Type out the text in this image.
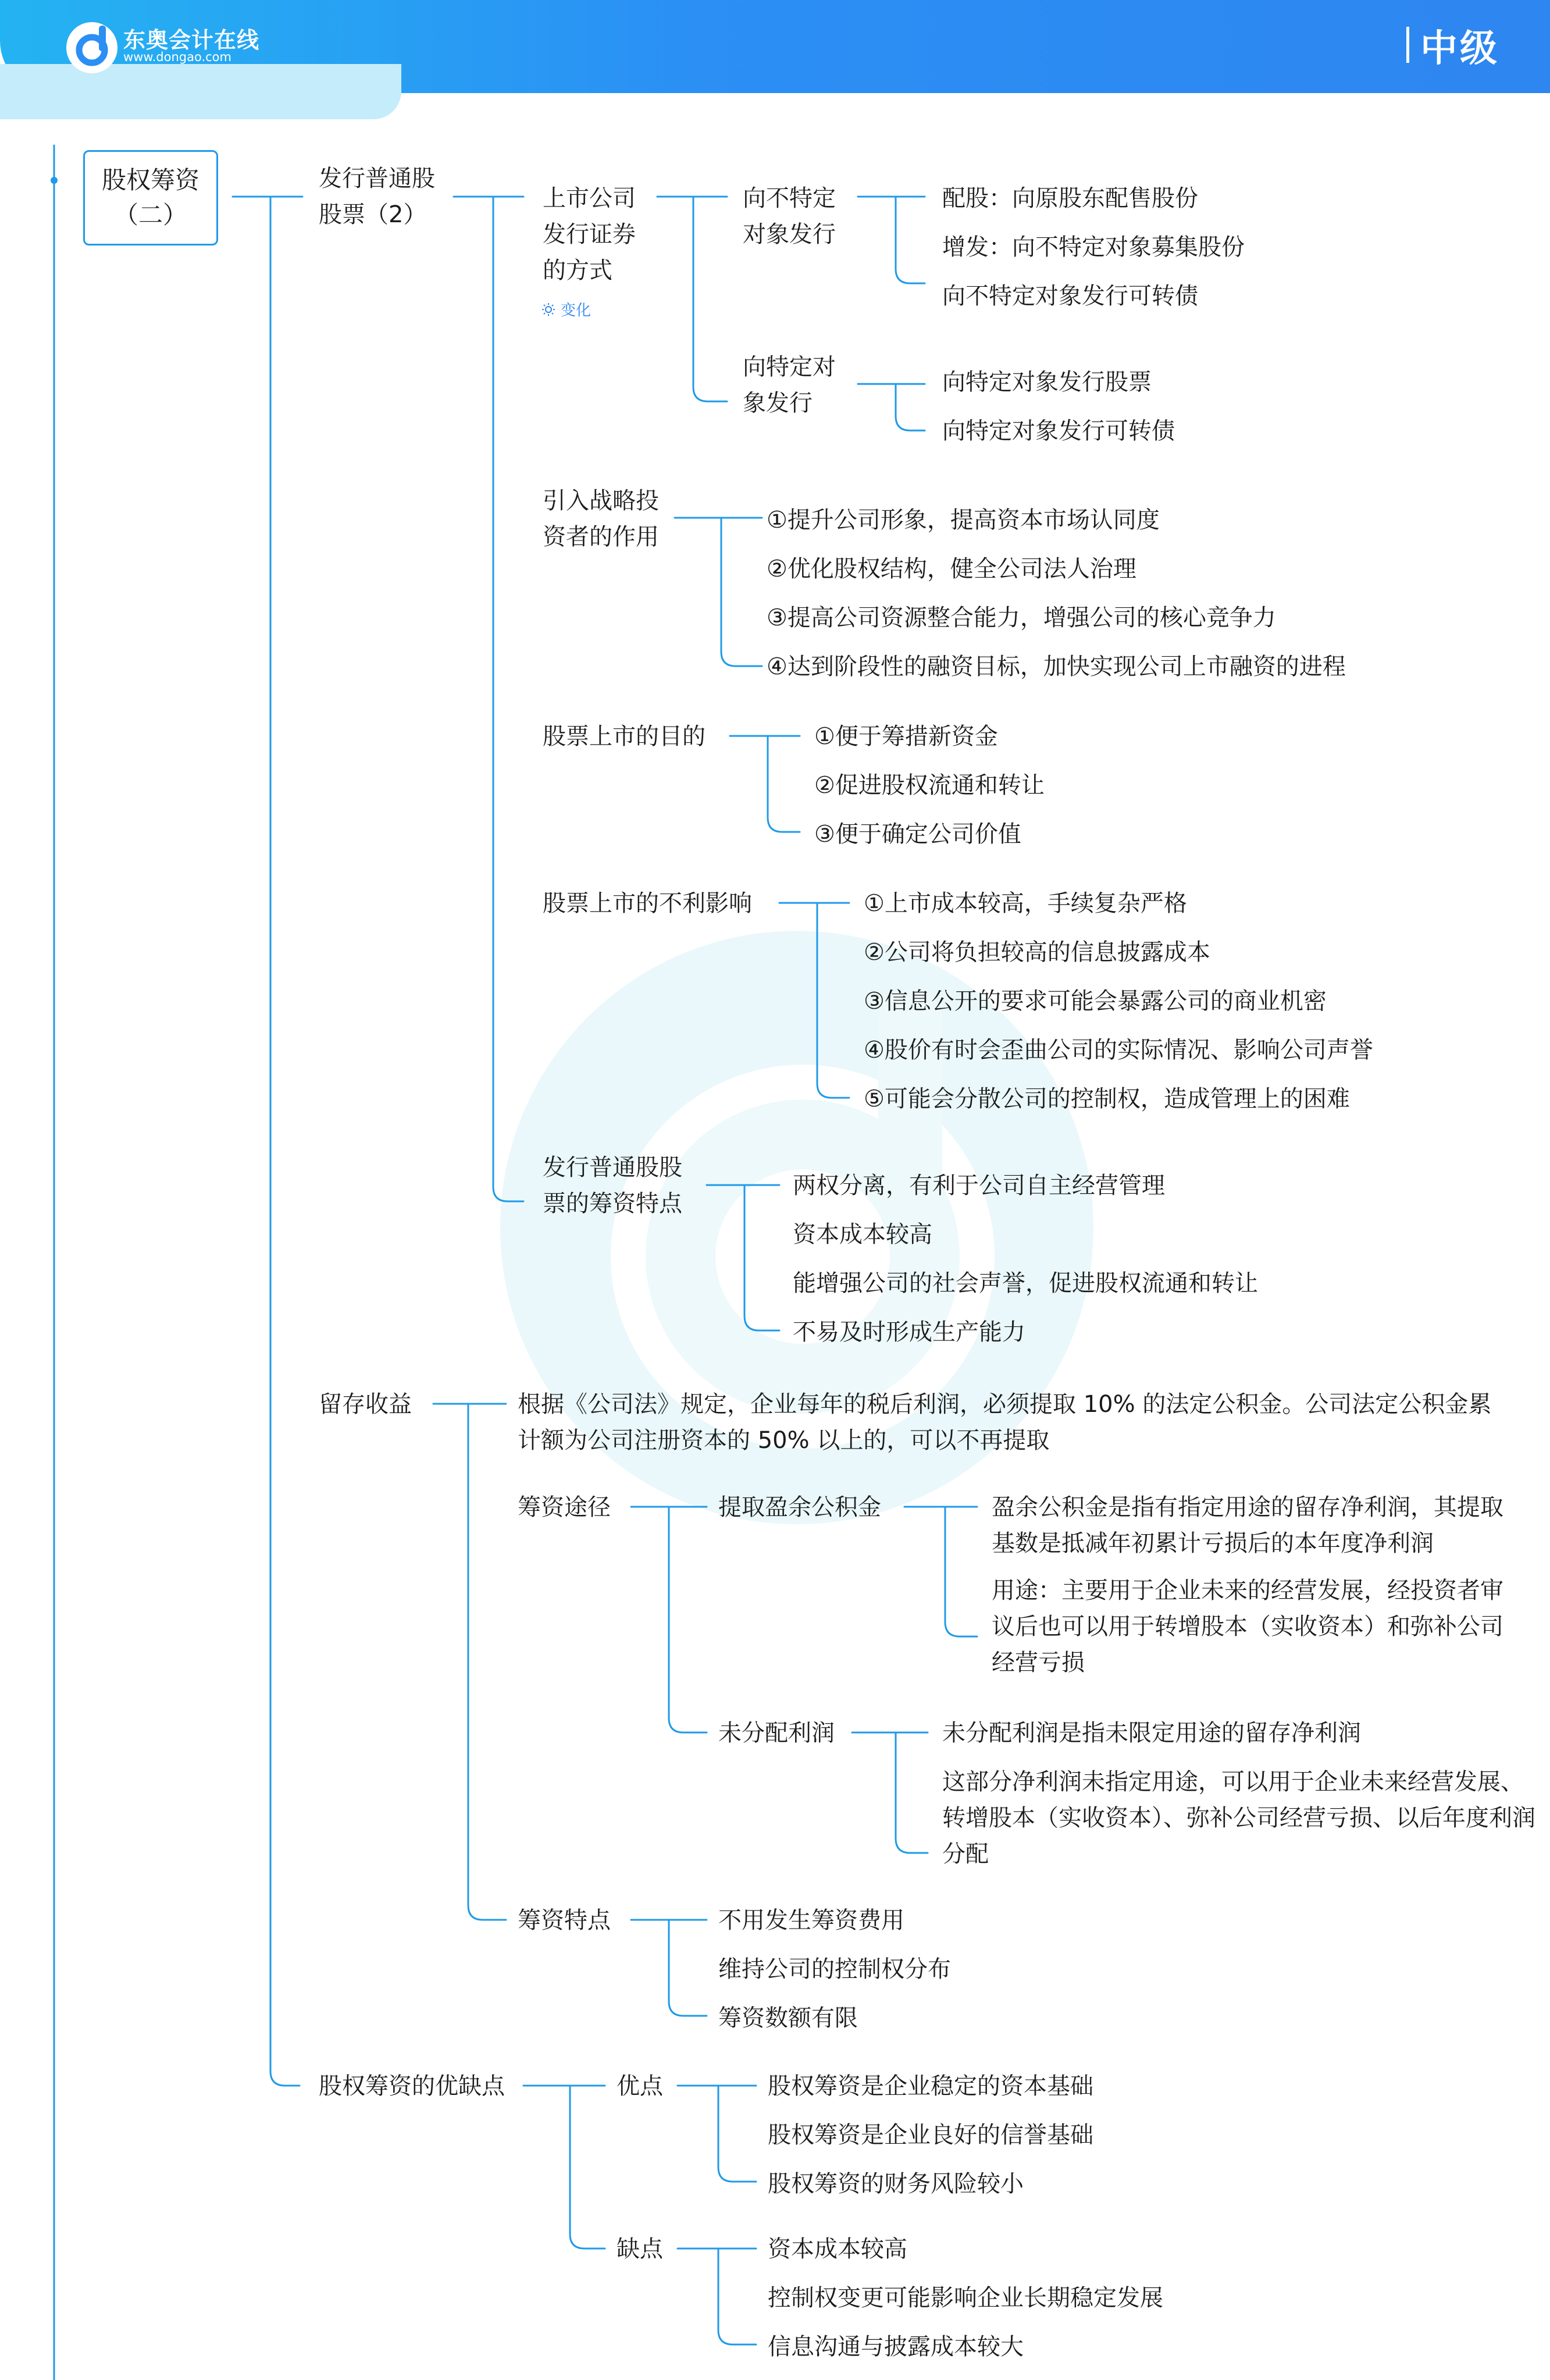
东奥会计在线
www.dongao.com	中级
股权筹资
（二）
发行普通股
股票（2）
上市公司
发行证券
的方式
变化
向不特定
对象发行
配股：向原股东配售股份
增发：向不特定对象募集股份
向不特定对象发行可转债
向特定对
象发行
向特定对象发行股票
向特定对象发行可转债
引入战略投
资者的作用
①提升公司形象，提高资本市场认同度
②优化股权结构，健全公司法人治理
③提高公司资源整合能力，增强公司的核心竞争力
④达到阶段性的融资目标，加快实现公司上市融资的进程
股票上市的目的	①便于筹措新资金
②促进股权流通和转让
③便于确定公司价值
股票上市的不利影响	①上市成本较高，手续复杂严格
②公司将负担较高的信息披露成本
③信息公开的要求可能会暴露公司的商业机密
④股价有时会歪曲公司的实际情况、影响公司声誉
⑤可能会分散公司的控制权，造成管理上的困难
发行普通股股
票的筹资特点
两权分离，有利于公司自主经营管理
资本成本较高
能增强公司的社会声誉，促进股权流通和转让
不易及时形成生产能力
留存收益	根据《公司法》规定，企业每年的税后利润，必须提取 10% 的法定公积金。公司法定公积金累计额为公司注册资本的 50% 以上的，可以不再提取
筹资途径	提取盈余公积金	盈余公积金是指有指定用途的留存净利润，其提取基数是抵减年初累计亏损后的本年度净利润
用途：主要用于企业未来的经营发展，经投资者审议后也可以用于转增股本（实收资本）和弥补公司经营亏损
未分配利润	未分配利润是指未限定用途的留存净利润
这部分净利润未指定用途，可以用于企业未来经营发展、转增股本（实收资本）、弥补公司经营亏损、以后年度利润分配
筹资特点	不用发生筹资费用
维持公司的控制权分布
筹资数额有限
股权筹资的优缺点	优点	股权筹资是企业稳定的资本基础
股权筹资是企业良好的信誉基础
股权筹资的财务风险较小
缺点	资本成本较高
控制权变更可能影响企业长期稳定发展
信息沟通与披露成本较大
